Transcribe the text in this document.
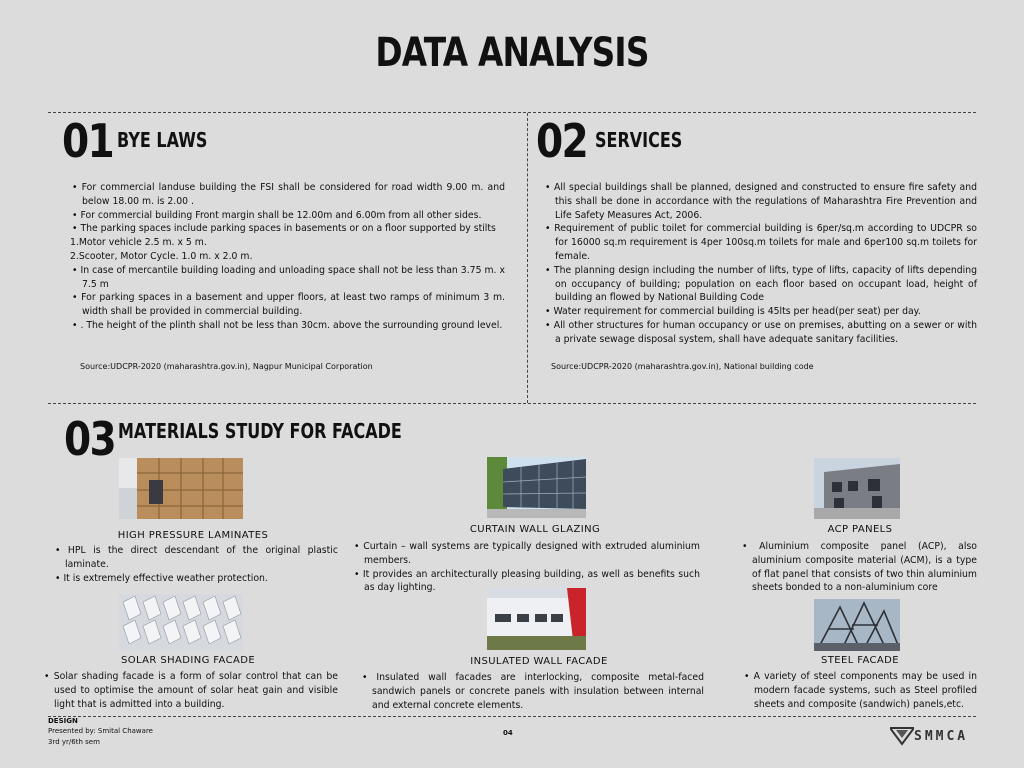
DATA ANALYSIS
01 BYE LAWS
• For commercial landuse building the FSI shall be considered for road width 9.00 m. and below 18.00 m. is 2.00 .
• For commercial building Front margin shall be 12.00m and 6.00m from all other sides.
• The parking spaces include parking spaces in basements or on a floor supported by stilts
1.Motor vehicle 2.5 m. x 5 m.
2.Scooter, Motor Cycle. 1.0 m. x 2.0 m.
• In case of mercantile building loading and unloading space shall not be less than 3.75 m. x 7.5 m
• For parking spaces in a basement and upper floors, at least two ramps of minimum 3 m. width shall be provided in commercial building.
• . The height of the plinth shall not be less than 30cm. above the surrounding ground level.
Source:UDCPR-2020 (maharashtra.gov.in), Nagpur Municipal Corporation
02 SERVICES
• All special buildings shall be planned, designed and constructed to ensure fire safety and this shall be done in accordance with the regulations of Maharashtra Fire Prevention and Life Safety Measures Act, 2006.
• Requirement of public toilet for commercial building is 6per/sq.m according to UDCPR so for 16000 sq.m requirement is 4per 100sq.m toilets for male and 6per100 sq.m toilets for female.
• The planning design including the number of lifts, type of lifts, capacity of lifts depending on occupancy of building; population on each floor based on occupant load, height of building an flowed by National Building Code
• Water requirement for commercial building is 45lts per head(per seat) per day.
• All other structures for human occupancy or use on premises, abutting on a sewer or with a private sewage disposal system, shall have adequate sanitary facilities.
Source:UDCPR-2020 (maharashtra.gov.in), National building code
03 MATERIALS STUDY FOR FACADE
HIGH PRESSURE LAMINATES
• HPL is the direct descendant of the original plastic laminate.
• It is extremely effective weather protection.
CURTAIN WALL GLAZING
• Curtain – wall systems are typically designed with extruded aluminium members.
• It provides an architecturally pleasing building, as well as benefits such as day lighting.
ACP PANELS
• Aluminium composite panel (ACP), also aluminium composite material (ACM), is a type of flat panel that consists of two thin aluminium sheets bonded to a non-aluminium core
SOLAR SHADING FACADE
• Solar shading facade is a form of solar control that can be used to optimise the amount of solar heat gain and visible light that is admitted into a building.
INSULATED WALL FACADE
• Insulated wall facades are interlocking, composite metal-faced sandwich panels or concrete panels with insulation between internal and external concrete elements.
STEEL FACADE
• A variety of steel components may be used in modern facade systems, such as Steel profiled sheets and composite (sandwich) panels,etc.
DESIGN
Presented by: Smital Chaware
3rd yr/6th sem
04	SMMCA
